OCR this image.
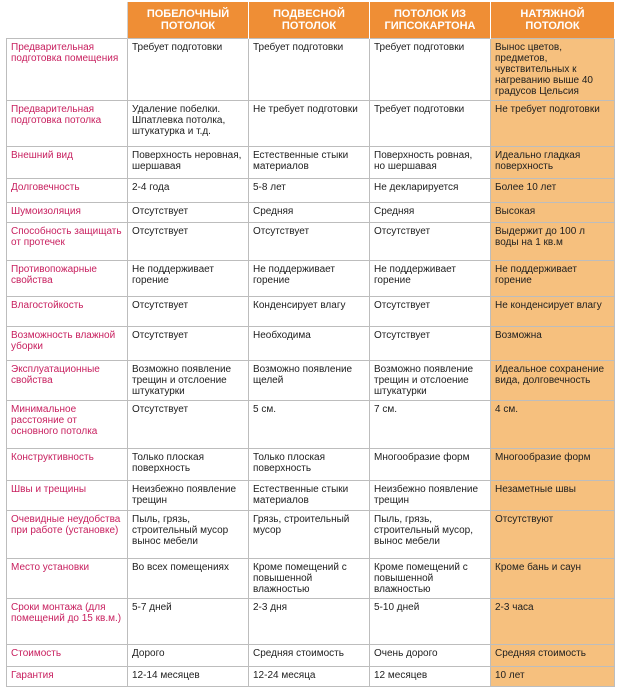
	ПОБЕЛОЧНЫЙ ПОТОЛОК	ПОДВЕСНОЙ ПОТОЛОК	ПОТОЛОК ИЗ ГИПСОКАРТОНА	НАТЯЖНОЙ ПОТОЛОК
Предварительная подготовка помещения	Требует подготовки	Требует подготовки	Требует подготовки	Вынос цветов, предметов, чувствительных к нагреванию выше 40 градусов Цельсия
Предварительная подготовка потолка	Удаление побелки. Шпатлевка потолка, штукатурка и т.д.	Не требует подготовки	Требует подготовки	Не требует подготовки
Внешний вид	Поверхность неровная, шершавая	Естественные стыки материалов	Поверхность ровная, но шершавая	Идеально гладкая поверхность
Долговечность	2-4 года	5-8 лет	Не декларируется	Более 10 лет
Шумоизоляция	Отсутствует	Средняя	Средняя	Высокая
Способность защищать от протечек	Отсутствует	Отсутствует	Отсутствует	Выдержит до 100 л воды на 1 кв.м
Противопожарные свойства	Не поддерживает горение	Не поддерживает горение	Не поддерживает горение	Не поддерживает горение
Влагостойкость	Отсутствует	Конденсирует влагу	Отсутствует	Не конденсирует влагу
Возможность влажной уборки	Отсутствует	Необходима	Отсутствует	Возможна
Эксплуатационные свойства	Возможно появление трещин и отслоение штукатурки	Возможно появление щелей	Возможно появление трещин и отслоение штукатурки	Идеальное сохранение вида, долговечность
Минимальное расстояние от основного потолка	Отсутствует	5 см.	7 см.	4 см.
Конструктивность	Только плоская поверхность	Только плоская поверхность	Многообразие форм	Многообразие форм
Швы и трещины	Неизбежно появление трещин	Естественные стыки материалов	Неизбежно появление трещин	Незаметные швы
Очевидные неудобства при работе (установке)	Пыль, грязь, строительный мусор вынос мебели	Грязь, строительный мусор	Пыль, грязь, строительный мусор, вынос мебели	Отсутствуют
Место установки	Во всех помещениях	Кроме помещений с повышенной влажностью	Кроме помещений с повышенной влажностью	Кроме бань и саун
Сроки монтажа (для помещений до 15 кв.м.)	5-7 дней	2-3 дня	5-10 дней	2-3 часа
Стоимость	Дорого	Средняя стоимость	Очень дорого	Средняя стоимость
Гарантия	12-14 месяцев	12-24 месяца	12 месяцев	10 лет
